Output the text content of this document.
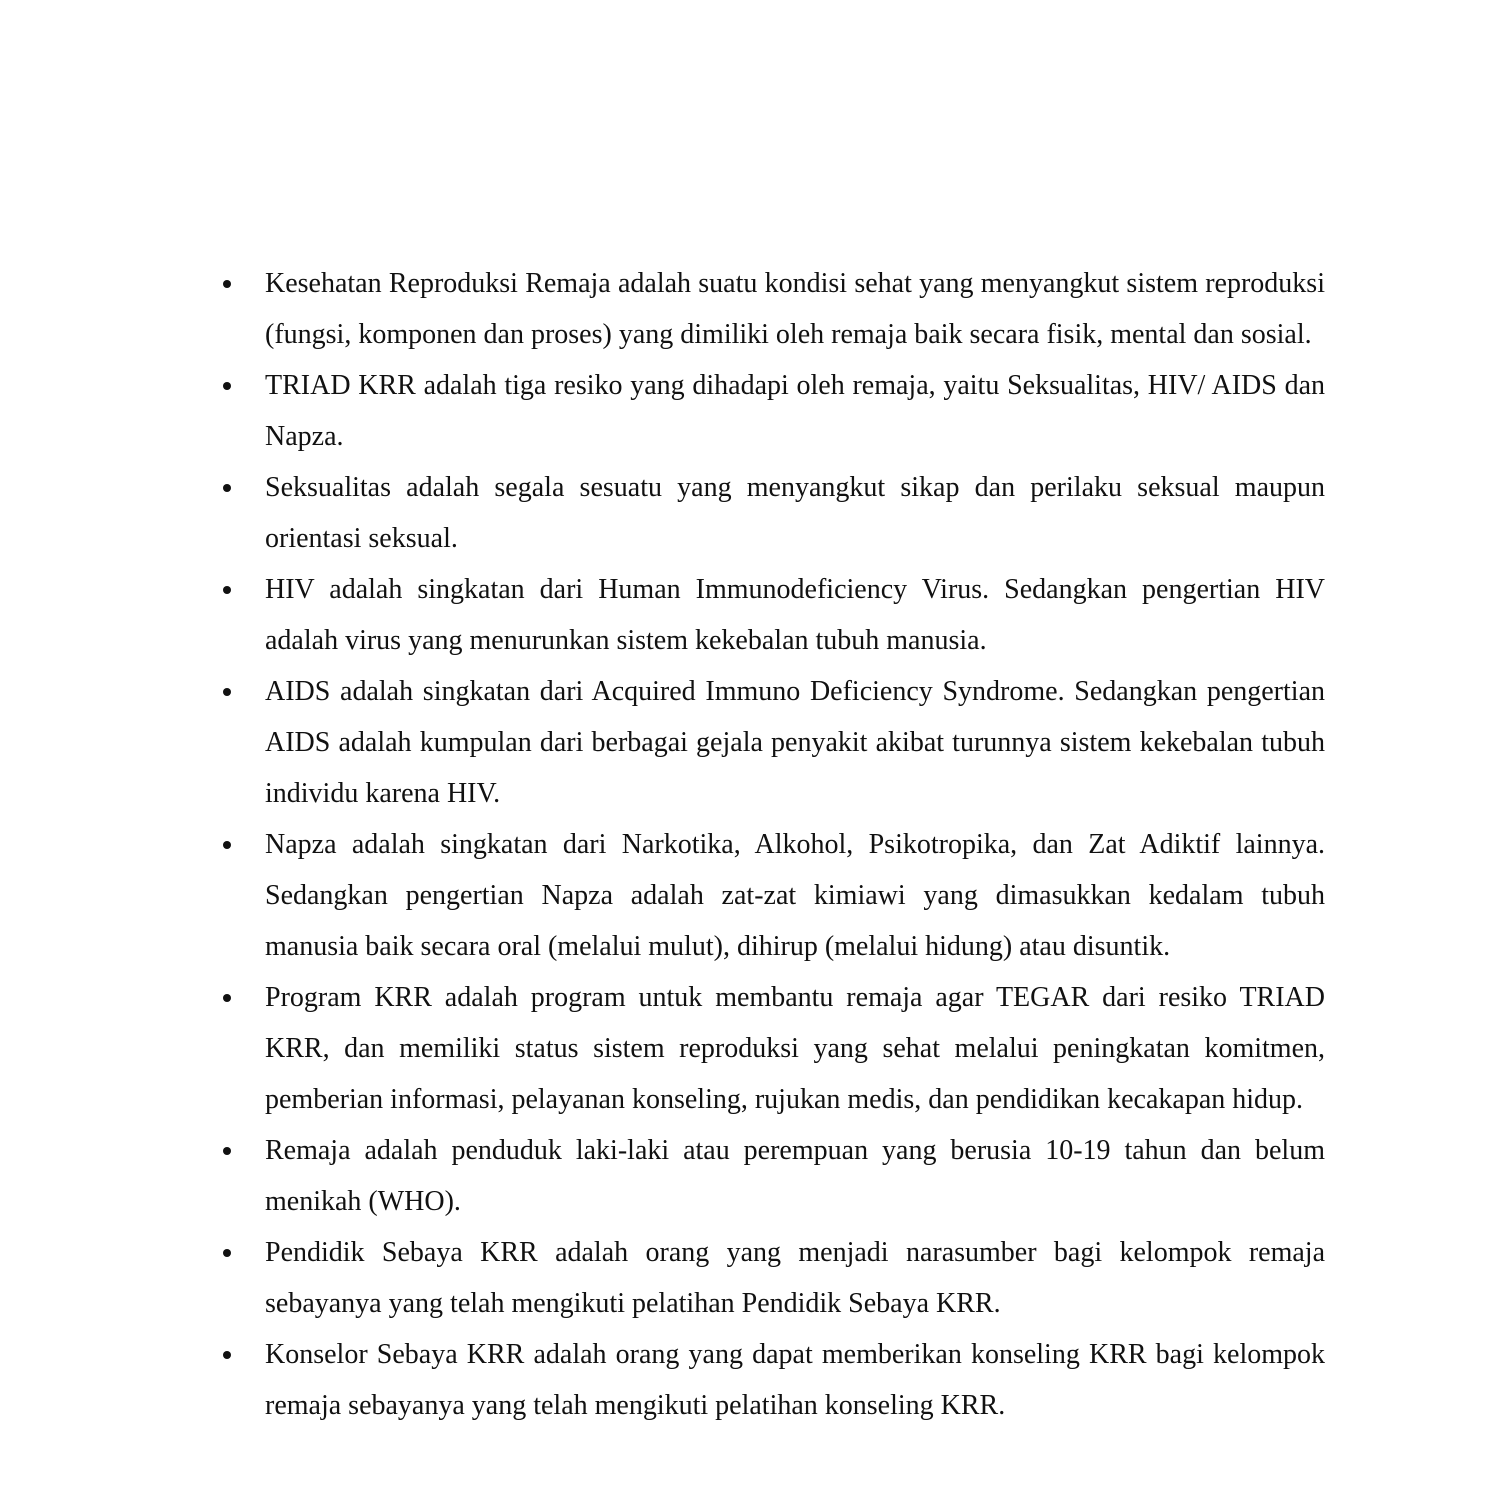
Kesehatan Reproduksi Remaja adalah suatu kondisi sehat yang menyangkut sistem reproduksi (fungsi, komponen dan proses) yang dimiliki oleh remaja baik secara fisik, mental dan sosial.
TRIAD KRR adalah tiga resiko yang dihadapi oleh remaja, yaitu Seksualitas, HIV/ AIDS dan Napza.
Seksualitas adalah segala sesuatu yang menyangkut sikap dan perilaku seksual maupun orientasi seksual.
HIV adalah singkatan dari Human Immunodeficiency Virus. Sedangkan pengertian HIV adalah virus yang menurunkan sistem kekebalan tubuh manusia.
AIDS adalah singkatan dari Acquired Immuno Deficiency Syndrome. Sedangkan pengertian AIDS adalah kumpulan dari berbagai gejala penyakit akibat turunnya sistem kekebalan tubuh individu karena HIV.
Napza adalah singkatan dari Narkotika, Alkohol, Psikotropika, dan Zat Adiktif lainnya. Sedangkan pengertian Napza adalah zat-zat kimiawi yang dimasukkan kedalam tubuh manusia baik secara oral (melalui mulut), dihirup (melalui hidung) atau disuntik.
Program KRR adalah program untuk membantu remaja agar TEGAR dari resiko TRIAD KRR, dan memiliki status sistem reproduksi yang sehat melalui peningkatan komitmen, pemberian informasi, pelayanan konseling, rujukan medis, dan pendidikan kecakapan hidup.
Remaja adalah penduduk laki-laki atau perempuan yang berusia 10-19 tahun dan belum menikah (WHO).
Pendidik Sebaya KRR adalah orang yang menjadi narasumber bagi kelompok remaja sebayanya yang telah mengikuti pelatihan Pendidik Sebaya KRR.
Konselor Sebaya KRR adalah orang yang dapat memberikan konseling KRR bagi kelompok remaja sebayanya yang telah mengikuti pelatihan konseling KRR.
